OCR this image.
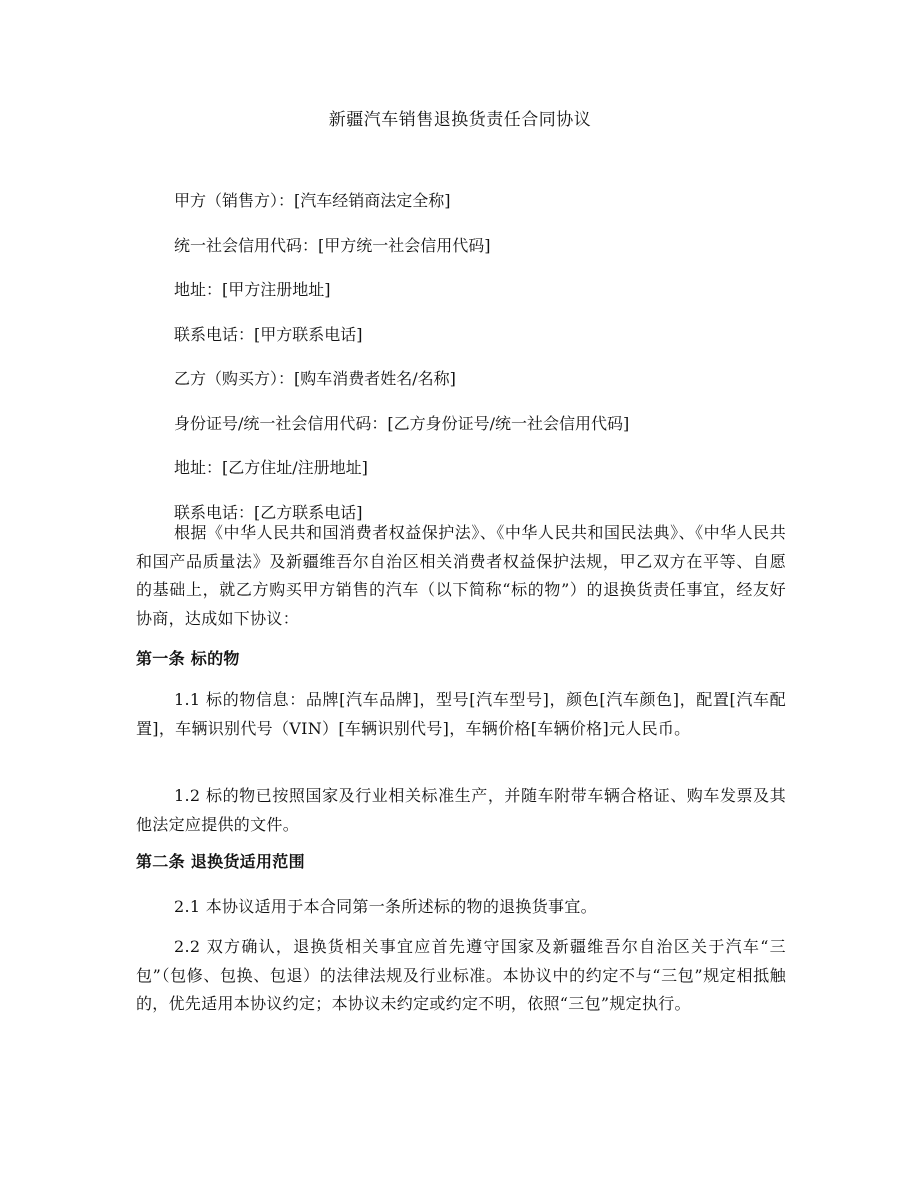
新疆汽车销售退换货责任合同协议

甲方（销售方）：[汽车经销商法定全称]

统一社会信用代码：[甲方统一社会信用代码]

地址：[甲方注册地址]

联系电话：[甲方联系电话]

乙方（购买方）：[购车消费者姓名/名称]

身份证号/统一社会信用代码：[乙方身份证号/统一社会信用代码]

地址：[乙方住址/注册地址]

联系电话：[乙方联系电话]

根据《中华人民共和国消费者权益保护法》、《中华人民共和国民法典》、《中华人民共和国产品质量法》及新疆维吾尔自治区相关消费者权益保护法规，甲乙双方在平等、自愿的基础上，就乙方购买甲方销售的汽车（以下简称“标的物”）的退换货责任事宜，经友好协商，达成如下协议：

第一条 标的物

1.1 标的物信息：品牌[汽车品牌]，型号[汽车型号]，颜色[汽车颜色]，配置[汽车配置]，车辆识别代号（VIN）[车辆识别代号]，车辆价格[车辆价格]元人民币。

1.2 标的物已按照国家及行业相关标准生产，并随车附带车辆合格证、购车发票及其他法定应提供的文件。

第二条 退换货适用范围

2.1 本协议适用于本合同第一条所述标的物的退换货事宜。

2.2 双方确认，退换货相关事宜应首先遵守国家及新疆维吾尔自治区关于汽车“三包”（包修、包换、包退）的法律法规及行业标准。本协议中的约定不与“三包”规定相抵触的，优先适用本协议约定；本协议未约定或约定不明，依照“三包”规定执行。
